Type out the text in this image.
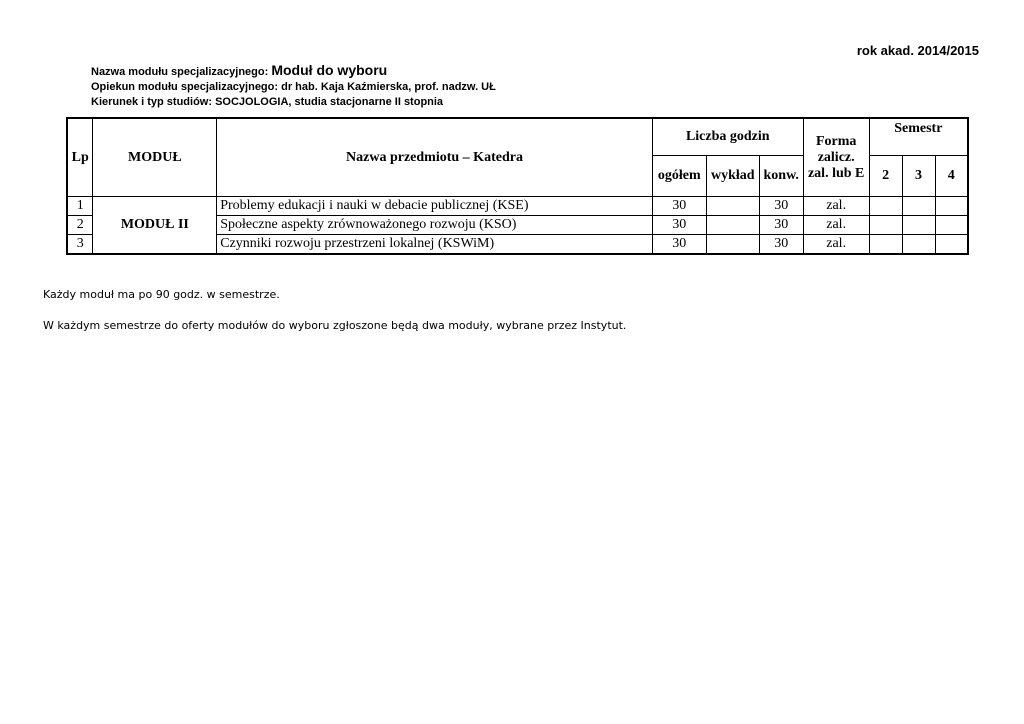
rok akad. 2014/2015
Nazwa modułu specjalizacyjnego: Moduł do wyboru
Opiekun modułu specjalizacyjnego: dr hab. Kaja Kaźmierska, prof. nadzw. UŁ
Kierunek i typ studiów: SOCJOLOGIA, studia stacjonarne II stopnia
Lp	MODUŁ	Nazwa przedmiotu – Katedra	Liczba godzin			Forma zalicz. zal. lub E	Semestr		
			ogółem	wykład	konw.		2	3	4
1	MODUŁ II	Problemy edukacji i nauki w debacie publicznej (KSE)	30		30	zal.			
2		Społeczne aspekty zrównoważonego rozwoju (KSO)	30		30	zal.			
3		Czynniki rozwoju przestrzeni lokalnej (KSWiM)	30		30	zal.			
Każdy moduł ma po 90 godz. w semestrze.
W każdym semestrze do oferty modułów do wyboru zgłoszone będą dwa moduły, wybrane przez Instytut.
